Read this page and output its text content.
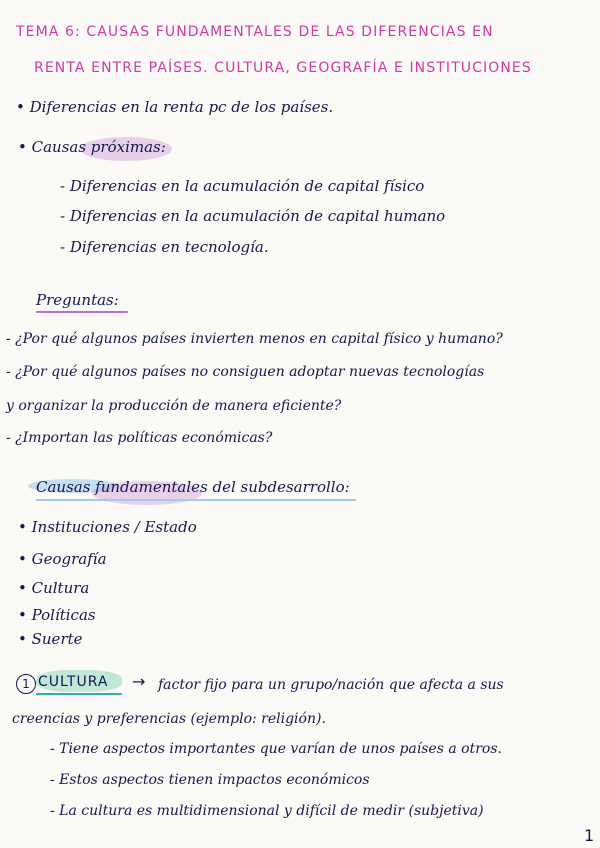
TEMA 6: CAUSAS FUNDAMENTALES DE LAS DIFERENCIAS EN
RENTA ENTRE PAÍSES. CULTURA, GEOGRAFÍA E INSTITUCIONES
• Diferencias en la renta pc de los países.
• Causas próximas:
- Diferencias en la acumulación de capital físico
- Diferencias en la acumulación de capital humano
- Diferencias en tecnología.
Preguntas:
- ¿Por qué algunos países invierten menos en capital físico y humano?
- ¿Por qué algunos países no consiguen adoptar nuevas tecnologías
y organizar la producción de manera eficiente?
- ¿Importan las políticas económicas?
Causas fundamentales del subdesarrollo:
• Instituciones / Estado
• Geografía
• Cultura
• Políticas
• Suerte
1 CULTURA → factor fijo para un grupo/nación que afecta a sus
creencias y preferencias (ejemplo: religión).
- Tiene aspectos importantes que varían de unos países a otros.
- Estos aspectos tienen impactos económicos
- La cultura es multidimensional y difícil de medir (subjetiva)
1
